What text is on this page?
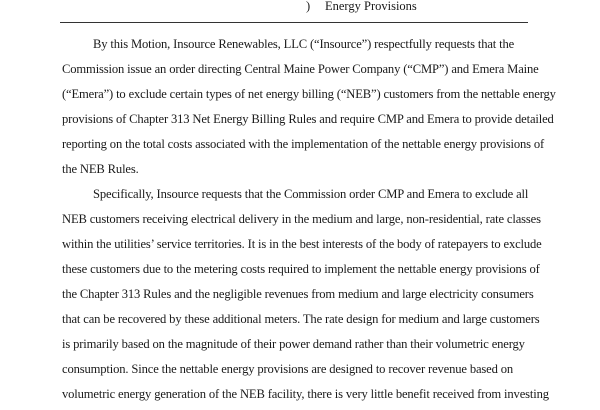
) Energy Provisions
By this Motion, Insource Renewables, LLC (“Insource”) respectfully requests that the
Commission issue an order directing Central Maine Power Company (“CMP”) and Emera Maine
(“Emera”) to exclude certain types of net energy billing (“NEB”) customers from the nettable energy
provisions of Chapter 313 Net Energy Billing Rules and require CMP and Emera to provide detailed
reporting on the total costs associated with the implementation of the nettable energy provisions of
the NEB Rules.
Specifically, Insource requests that the Commission order CMP and Emera to exclude all
NEB customers receiving electrical delivery in the medium and large, non-residential, rate classes
within the utilities’ service territories. It is in the best interests of the body of ratepayers to exclude
these customers due to the metering costs required to implement the nettable energy provisions of
the Chapter 313 Rules and the negligible revenues from medium and large electricity consumers
that can be recovered by these additional meters. The rate design for medium and large customers
is primarily based on the magnitude of their power demand rather than their volumetric energy
consumption. Since the nettable energy provisions are designed to recover revenue based on
volumetric energy generation of the NEB facility, there is very little benefit received from investing
